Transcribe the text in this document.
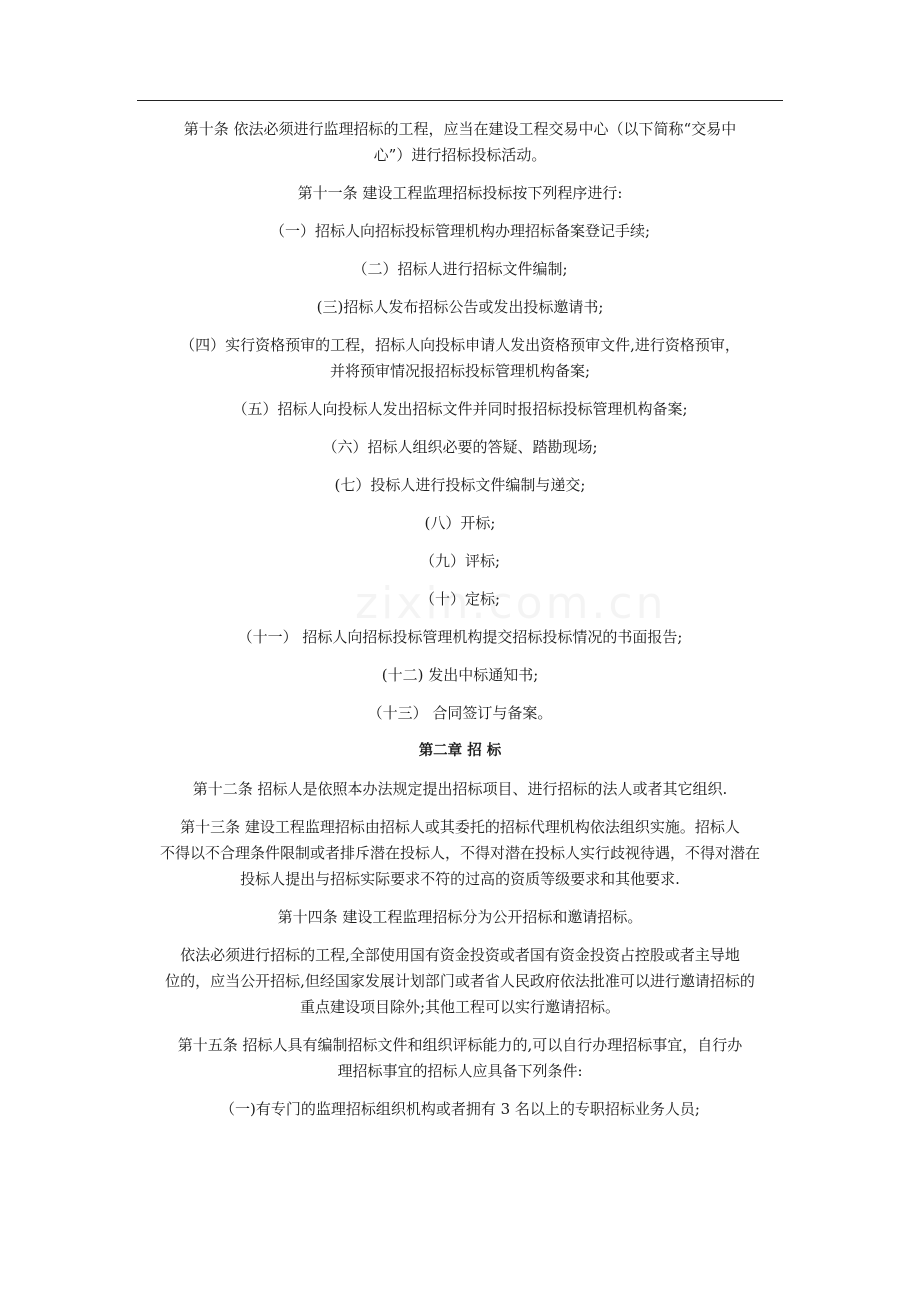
第十条 依法必须进行监理招标的工程，应当在建设工程交易中心（以下简称“交易中
心”）进行招标投标活动。
第十一条 建设工程监理招标投标按下列程序进行:
（一）招标人向招标投标管理机构办理招标备案登记手续;
（二）招标人进行招标文件编制;
(三)招标人发布招标公告或发出投标邀请书;
（四）实行资格预审的工程，招标人向投标申请人发出资格预审文件,进行资格预审，
并将预审情况报招标投标管理机构备案;
（五）招标人向投标人发出招标文件并同时报招标投标管理机构备案;
（六）招标人组织必要的答疑、踏勘现场;
(七）投标人进行投标文件编制与递交;
(八）开标;
（九）评标;
（十）定标;
（十一） 招标人向招标投标管理机构提交招标投标情况的书面报告;
(十二) 发出中标通知书;
（十三） 合同签订与备案。
第二章 招 标
第十二条 招标人是依照本办法规定提出招标项目、进行招标的法人或者其它组织.
第十三条 建设工程监理招标由招标人或其委托的招标代理机构依法组织实施。招标人
不得以不合理条件限制或者排斥潜在投标人，不得对潜在投标人实行歧视待遇，不得对潜在
投标人提出与招标实际要求不符的过高的资质等级要求和其他要求.
第十四条 建设工程监理招标分为公开招标和邀请招标。
依法必须进行招标的工程,全部使用国有资金投资或者国有资金投资占控股或者主导地
位的，应当公开招标,但经国家发展计划部门或者省人民政府依法批准可以进行邀请招标的
重点建设项目除外;其他工程可以实行邀请招标。
第十五条 招标人具有编制招标文件和组织评标能力的,可以自行办理招标事宜，自行办
理招标事宜的招标人应具备下列条件:
（一)有专门的监理招标组织机构或者拥有 3 名以上的专职招标业务人员;
